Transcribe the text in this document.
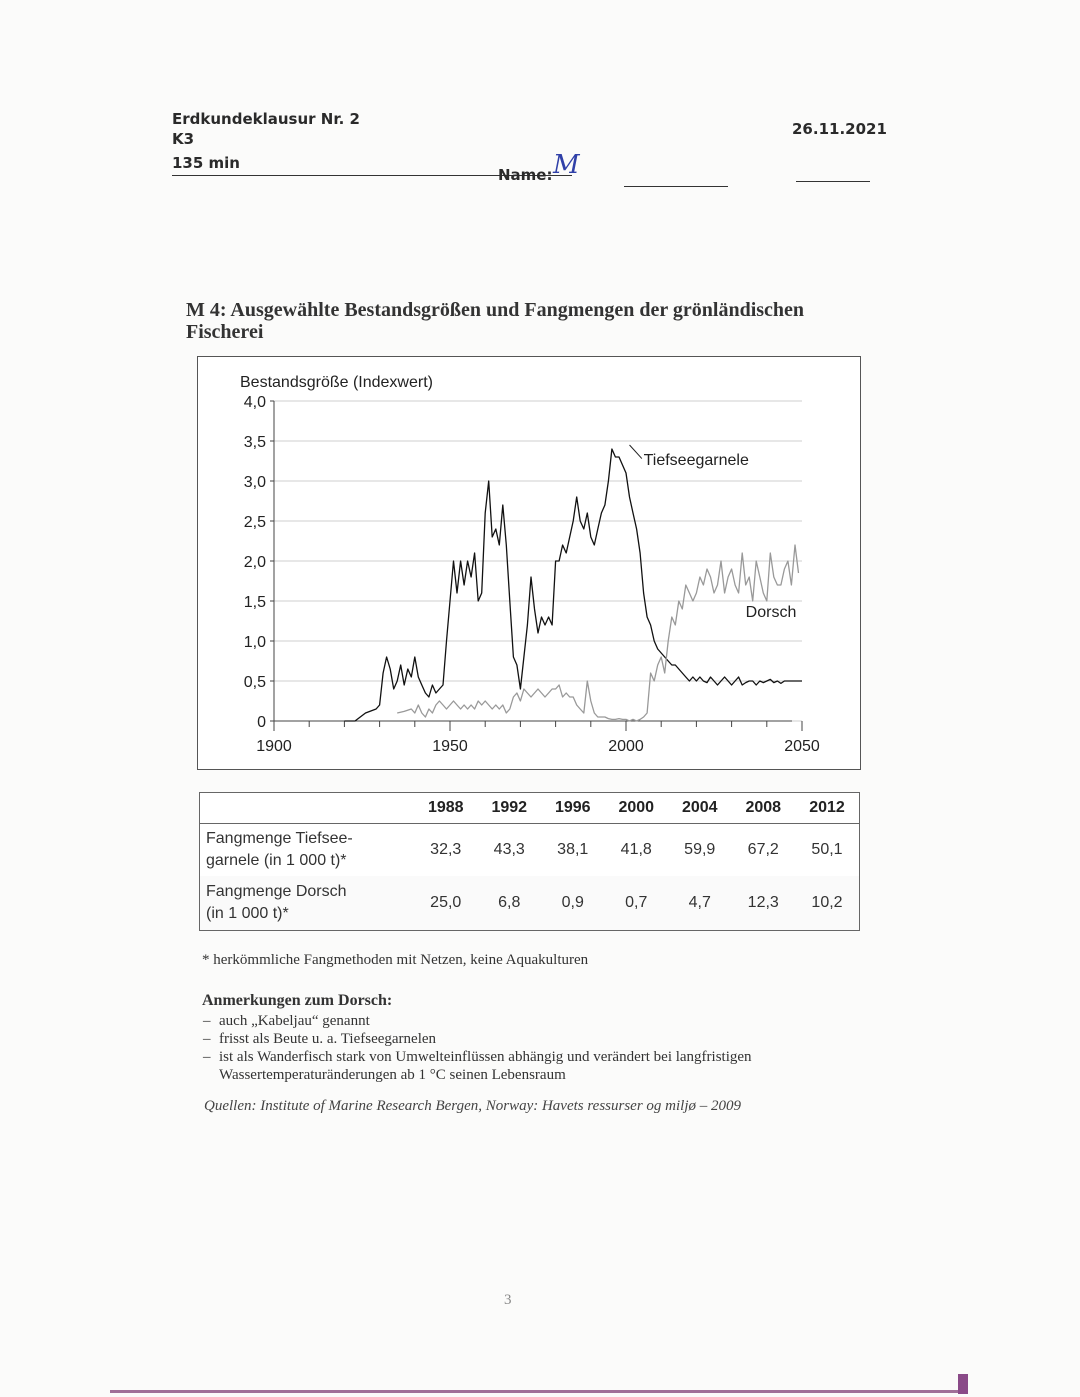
Erdkundeklausur Nr. 2
K3
135 min
Name: M
26.11.2021
M 4: Ausgewählte Bestandsgrößen und Fangmengen der grönländischen
Fischerei
Bestandsgröße (Indexwert)
0
0,5
1,0
1,5
2,0
2,5
3,0
3,5
4,0
1900	1950	2000	2050
Tiefseegarnele
Dorsch
	1988	1992	1996	2000	2004	2008	2012
Fangmenge Tiefsee-
garnele (in 1 000 t)*	32,3	43,3	38,1	41,8	59,9	67,2	50,1
Fangmenge Dorsch
(in 1 000 t)*	25,0	6,8	0,9	0,7	4,7	12,3	10,2
* herkömmliche Fangmethoden mit Netzen, keine Aquakulturen
Anmerkungen zum Dorsch:
– auch „Kabeljau“ genannt
– frisst als Beute u. a. Tiefseegarnelen
– ist als Wanderfisch stark von Umwelteinflüssen abhängig und verändert bei langfristigen
Wassertemperaturänderungen ab 1 °C seinen Lebensraum
Quellen: Institute of Marine Research Bergen, Norway: Havets ressurser og miljø – 2009
3
